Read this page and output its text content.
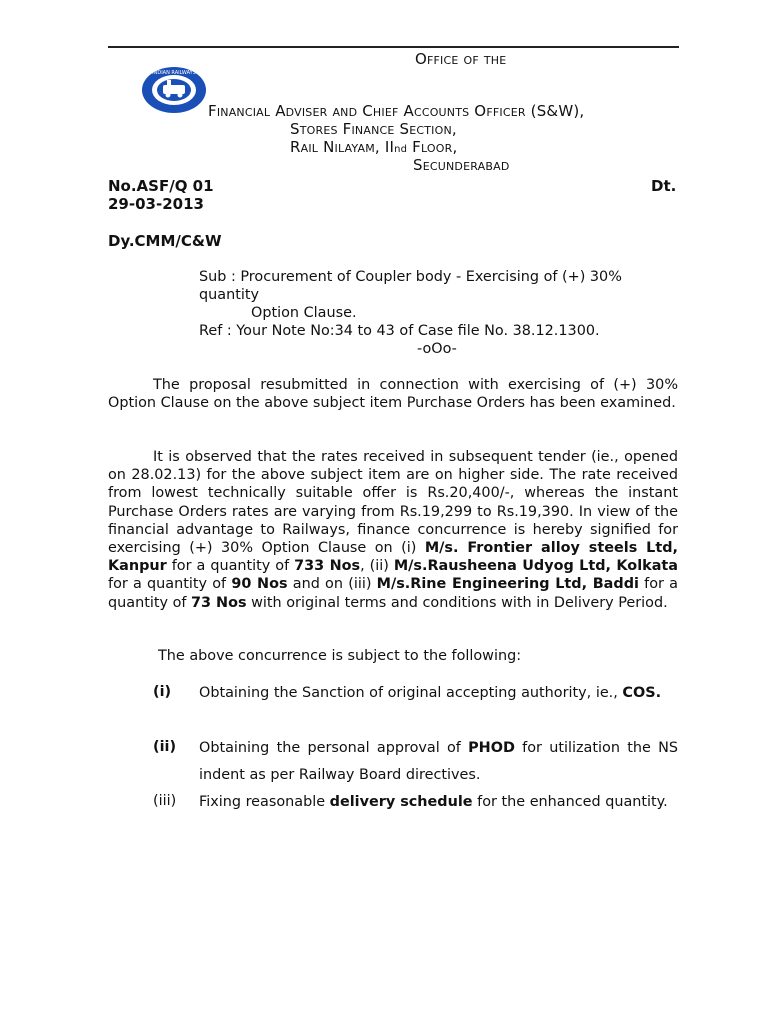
INDIAN RAILWAYS
Office of the
Financial Adviser and Chief Accounts Officer (S&W),
Stores Finance Section,
Rail Nilayam, IInd Floor,
Secunderabad
No.ASF/Q 01	Dt.
29-03-2013
Dy.CMM/C&W
Sub : Procurement of Coupler body - Exercising of (+) 30%
quantity
Option Clause.
Ref : Your Note No:34 to 43 of Case file No. 38.12.1300.
-oOo-
The proposal resubmitted in connection with exercising of (+) 30% Option Clause on the above subject item Purchase Orders has been examined.
It is observed that the rates received in subsequent tender (ie., opened on 28.02.13) for the above subject item are on higher side. The rate received from lowest technically suitable offer is Rs.20,400/-, whereas the instant Purchase Orders rates are varying from Rs.19,299 to Rs.19,390. In view of the financial advantage to Railways, finance concurrence is hereby signified for exercising (+) 30% Option Clause on (i) M/s. Frontier alloy steels Ltd, Kanpur for a quantity of 733 Nos, (ii) M/s.Rausheena Udyog Ltd, Kolkata for a quantity of 90 Nos and on (iii) M/s.Rine Engineering Ltd, Baddi for a quantity of 73 Nos with original terms and conditions with in Delivery Period.
The above concurrence is subject to the following:
(i) Obtaining the Sanction of original accepting authority, ie., COS.
(ii) Obtaining the personal approval of PHOD for utilization the NS indent as per Railway Board directives.
(iii) Fixing reasonable delivery schedule for the enhanced quantity.
